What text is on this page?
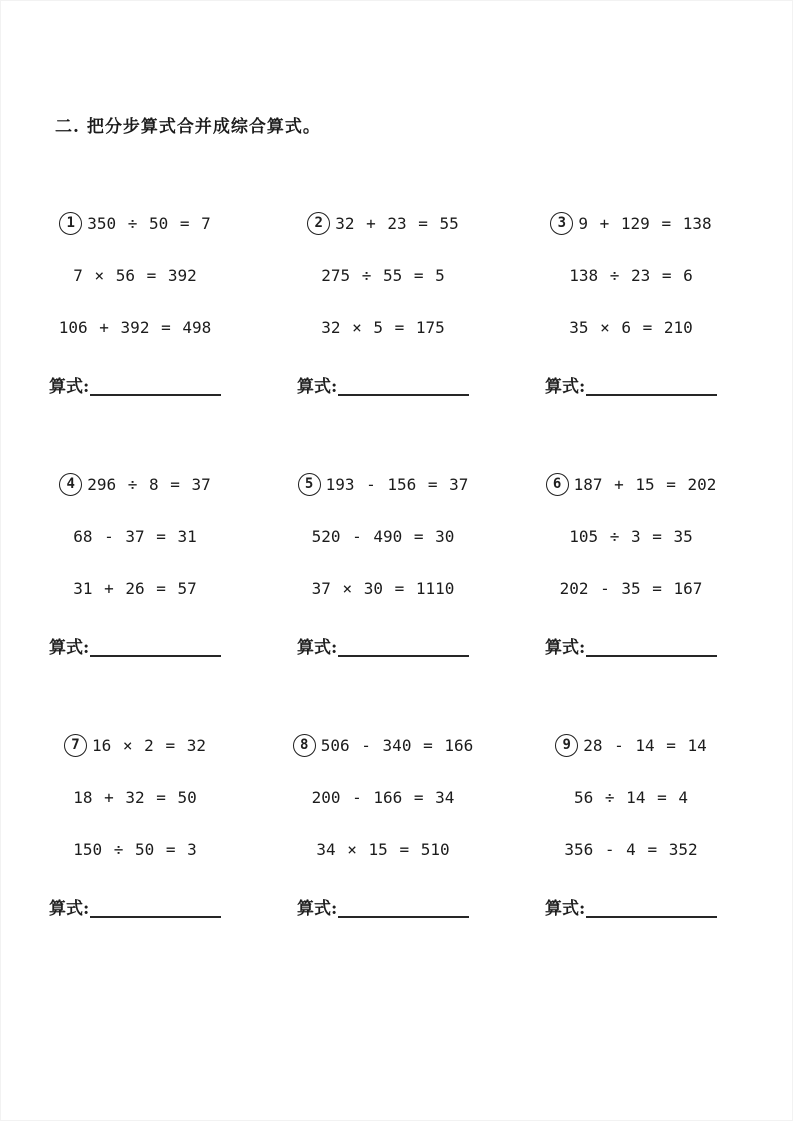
二. 把分步算式合并成综合算式。
1 350 ÷ 50 = 7
7 × 56 = 392
106 + 392 = 498
算式:
2 32 + 23 = 55
275 ÷ 55 = 5
32 × 5 = 175
算式:
3 9 + 129 = 138
138 ÷ 23 = 6
35 × 6 = 210
算式:
4 296 ÷ 8 = 37
68 - 37 = 31
31 + 26 = 57
算式:
5 193 - 156 = 37
520 - 490 = 30
37 × 30 = 1110
算式:
6 187 + 15 = 202
105 ÷ 3 = 35
202 - 35 = 167
算式:
7 16 × 2 = 32
18 + 32 = 50
150 ÷ 50 = 3
算式:
8 506 - 340 = 166
200 - 166 = 34
34 × 15 = 510
算式:
9 28 - 14 = 14
56 ÷ 14 = 4
356 - 4 = 352
算式:
